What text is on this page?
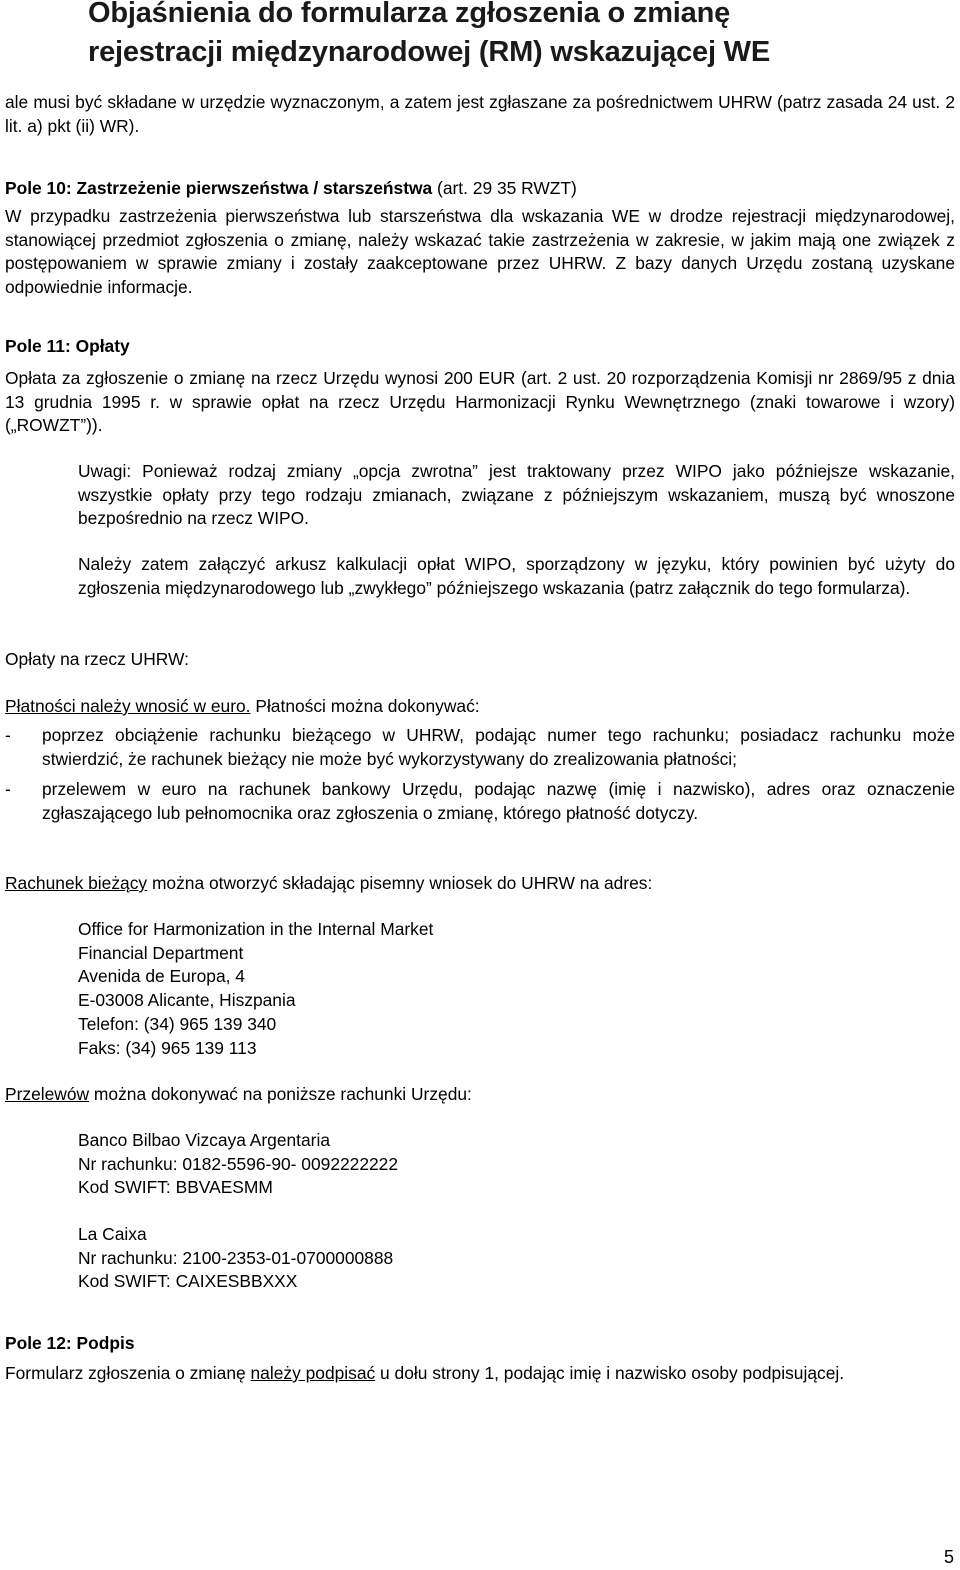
Objaśnienia do formularza zgłoszenia o zmianę
rejestracji międzynarodowej (RM) wskazującej WE

ale musi być składane w urzędzie wyznaczonym, a zatem jest zgłaszane za pośrednictwem UHRW (patrz zasada 24 ust. 2 lit. a) pkt (ii) WR).

Pole 10: Zastrzeżenie pierwszeństwa / starszeństwa (art. 29 35 RWZT)

W przypadku zastrzeżenia pierwszeństwa lub starszeństwa dla wskazania WE w drodze rejestracji międzynarodowej, stanowiącej przedmiot zgłoszenia o zmianę, należy wskazać takie zastrzeżenia w zakresie, w jakim mają one związek z postępowaniem w sprawie zmiany i zostały zaakceptowane przez UHRW. Z bazy danych Urzędu zostaną uzyskane odpowiednie informacje.

Pole 11: Opłaty

Opłata za zgłoszenie o zmianę na rzecz Urzędu wynosi 200 EUR (art. 2 ust. 20 rozporządzenia Komisji nr 2869/95 z dnia 13 grudnia 1995 r. w sprawie opłat na rzecz Urzędu Harmonizacji Rynku Wewnętrznego (znaki towarowe i wzory) („ROWZT”)).

Uwagi: Ponieważ rodzaj zmiany „opcja zwrotna” jest traktowany przez WIPO jako późniejsze wskazanie, wszystkie opłaty przy tego rodzaju zmianach, związane z późniejszym wskazaniem, muszą być wnoszone bezpośrednio na rzecz WIPO.

Należy zatem załączyć arkusz kalkulacji opłat WIPO, sporządzony w języku, który powinien być użyty do zgłoszenia międzynarodowego lub „zwykłego” późniejszego wskazania (patrz załącznik do tego formularza).

Opłaty na rzecz UHRW:

Płatności należy wnosić w euro. Płatności można dokonywać:

- poprzez obciążenie rachunku bieżącego w UHRW, podając numer tego rachunku; posiadacz rachunku może stwierdzić, że rachunek bieżący nie może być wykorzystywany do zrealizowania płatności;

- przelewem w euro na rachunek bankowy Urzędu, podając nazwę (imię i nazwisko), adres oraz oznaczenie zgłaszającego lub pełnomocnika oraz zgłoszenia o zmianę, którego płatność dotyczy.

Rachunek bieżący można otworzyć składając pisemny wniosek do UHRW na adres:

Office for Harmonization in the Internal Market
Financial Department
Avenida de Europa, 4
E-03008 Alicante, Hiszpania
Telefon: (34) 965 139 340
Faks: (34) 965 139 113

Przelewów można dokonywać na poniższe rachunki Urzędu:

Banco Bilbao Vizcaya Argentaria
Nr rachunku: 0182-5596-90- 0092222222
Kod SWIFT: BBVAESMM
La Caixa
Nr rachunku: 2100-2353-01-0700000888
Kod SWIFT: CAIXESBBXXX

Pole 12: Podpis

Formularz zgłoszenia o zmianę należy podpisać u dołu strony 1, podając imię i nazwisko osoby podpisującej.

5
